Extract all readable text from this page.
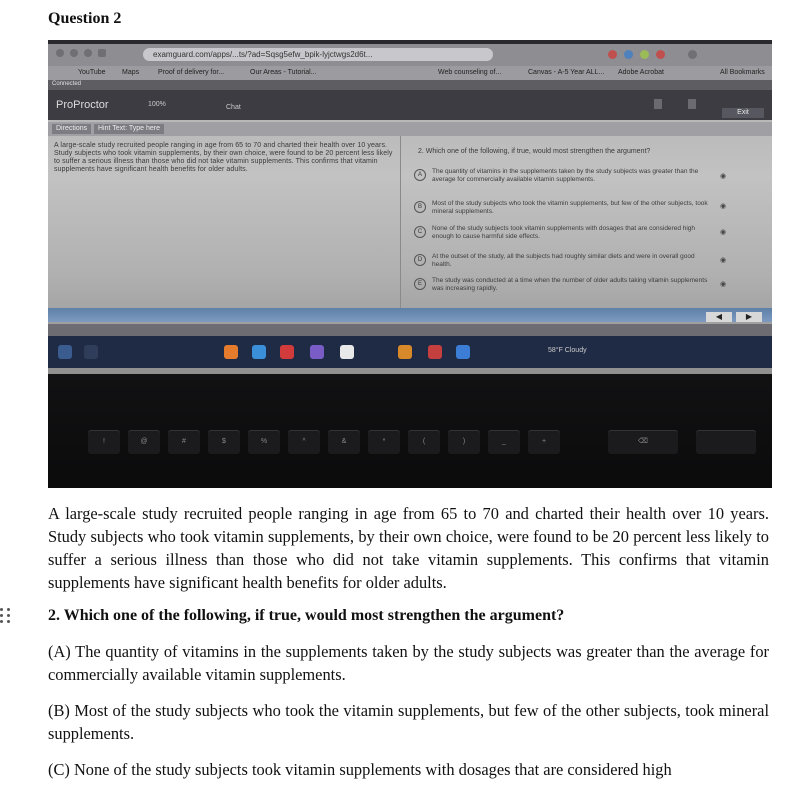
Question 2
examguard.com/apps/...ts/?ad=Sqsg5efw_bpik-lyjctwgs2d6t...
YouTube Maps	Proof of delivery for...	Our Areas - Tutorial...	Web counseling of...	Canvas - A-5 Year ALL... Adobe Acrobat	All Bookmarks
Connected
ProProctor	100%	Chat
Exit
Directions	Hint Text: Type here
A large-scale study recruited people ranging in age from 65 to 70 and charted their health over 10 years. Study subjects who took vitamin supplements, by their own choice, were found to be 20 percent less likely to suffer a serious illness than those who did not take vitamin supplements. This confirms that vitamin supplements have significant health benefits for older adults.
2. Which one of the following, if true, would most strengthen the argument?
A	The quantity of vitamins in the supplements taken by the study subjects was greater than the average for commercially available vitamin supplements.
B	Most of the study subjects who took the vitamin supplements, but few of the other subjects, took mineral supplements.
C	None of the study subjects took vitamin supplements with dosages that are considered high enough to cause harmful side effects.
D	At the outset of the study, all the subjects had roughly similar diets and were in overall good health.
E	The study was conducted at a time when the number of older adults taking vitamin supplements was increasing rapidly.
◉
◉
◉
◉
◉
◀	▶
58°F Cloudy
!	@	#	$	%	^	&	*	(	)	_	+	⌫

A large-scale study recruited people ranging in age from 65 to 70 and charted their health over 10 years. Study subjects who took vitamin supplements, by their own choice, were found to be 20 percent less likely to suffer a serious illness than those who did not take vitamin supplements. This confirms that vitamin supplements have significant health benefits for older adults.

2. Which one of the following, if true, would most strengthen the argument?

(A) The quantity of vitamins in the supplements taken by the study subjects was greater than the average for commercially available vitamin supplements.

(B) Most of the study subjects who took the vitamin supplements, but few of the other subjects, took mineral supplements.

(C) None of the study subjects took vitamin supplements with dosages that are considered high
